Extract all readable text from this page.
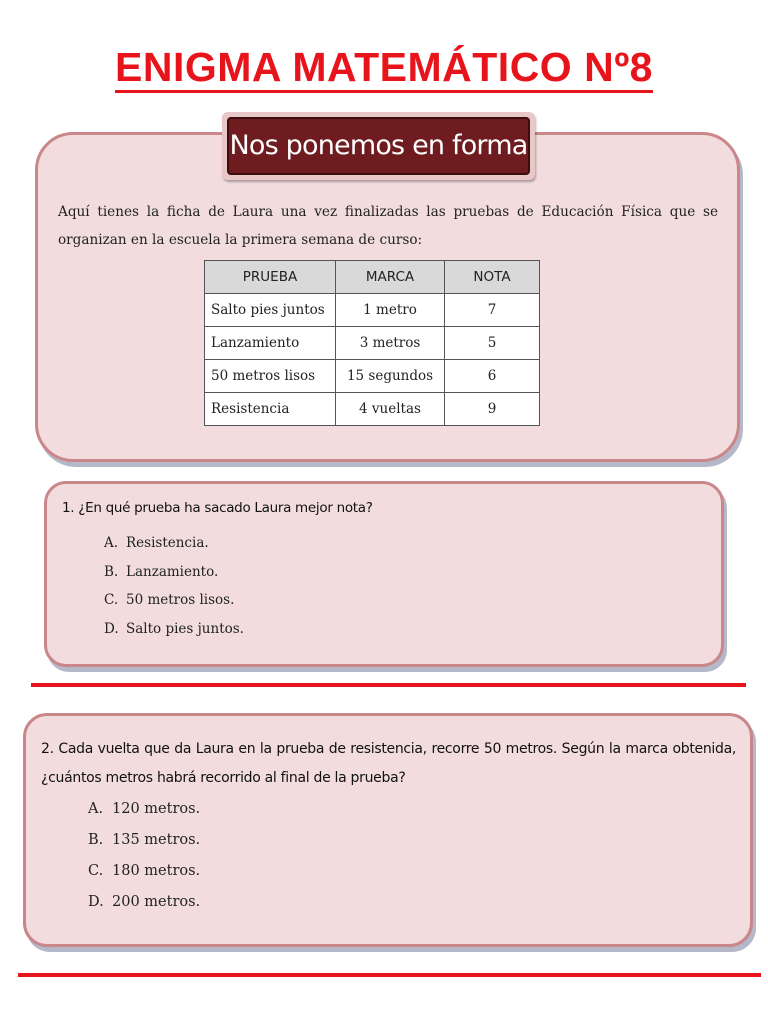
ENIGMA MATEMÁTICO Nº8
Nos ponemos en forma
Aquí tienes la ficha de Laura una vez finalizadas las pruebas de Educación Física que se organizan en la escuela la primera semana de curso:
PRUEBA	MARCA	NOTA
Salto pies juntos	1 metro	7
Lanzamiento	3 metros	5
50 metros lisos	15 segundos	6
Resistencia	4 vueltas	9
1. ¿En qué prueba ha sacado Laura mejor nota?
A. Resistencia.
B. Lanzamiento.
C. 50 metros lisos.
D. Salto pies juntos.
2. Cada vuelta que da Laura en la prueba de resistencia, recorre 50 metros. Según la marca obtenida, ¿cuántos metros habrá recorrido al final de la prueba?
A. 120 metros.
B. 135 metros.
C. 180 metros.
D. 200 metros.
